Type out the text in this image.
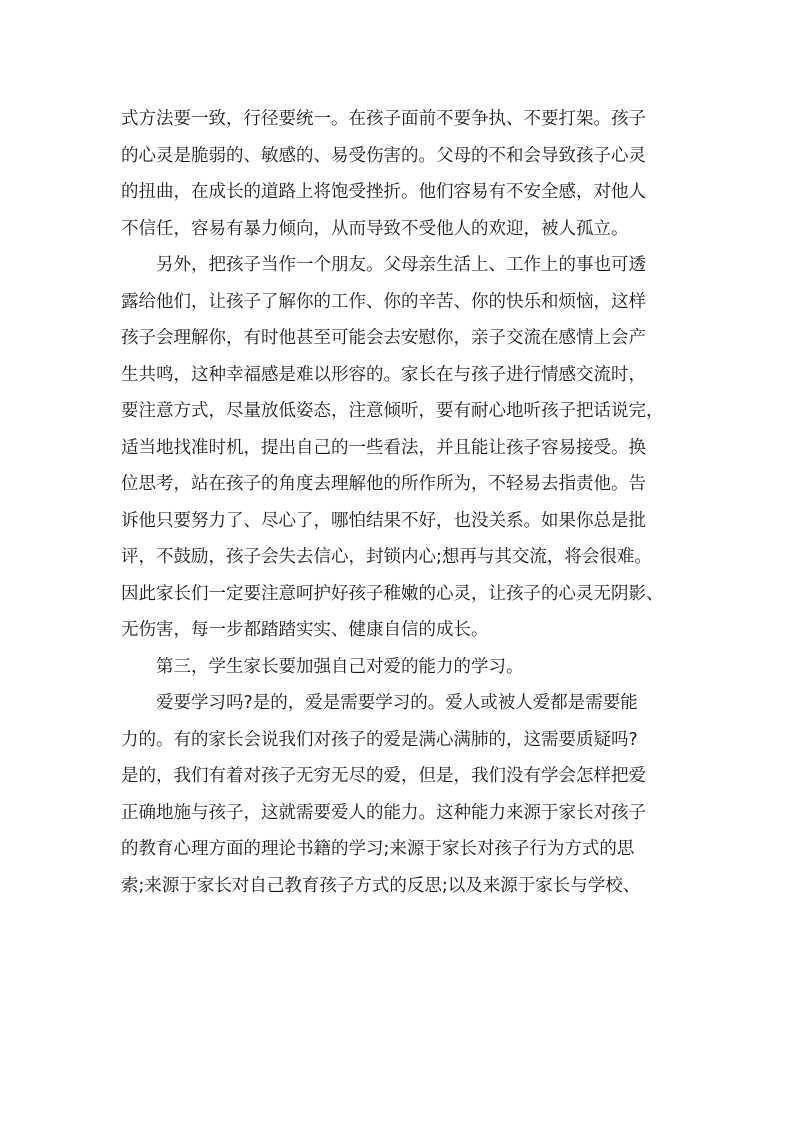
式方法要一致，行径要统一。在孩子面前不要争执、不要打架。孩子
的心灵是脆弱的、敏感的、易受伤害的。父母的不和会导致孩子心灵
的扭曲，在成长的道路上将饱受挫折。他们容易有不安全感，对他人
不信任，容易有暴力倾向，从而导致不受他人的欢迎，被人孤立。
另外，把孩子当作一个朋友。父母亲生活上、工作上的事也可透
露给他们，让孩子了解你的工作、你的辛苦、你的快乐和烦恼，这样
孩子会理解你，有时他甚至可能会去安慰你，亲子交流在感情上会产
生共鸣，这种幸福感是难以形容的。家长在与孩子进行情感交流时，
要注意方式，尽量放低姿态，注意倾听，要有耐心地听孩子把话说完，
适当地找准时机，提出自己的一些看法，并且能让孩子容易接受。换
位思考，站在孩子的角度去理解他的所作所为，不轻易去指责他。告
诉他只要努力了、尽心了，哪怕结果不好，也没关系。如果你总是批
评，不鼓励，孩子会失去信心，封锁内心;想再与其交流，将会很难。
因此家长们一定要注意呵护好孩子稚嫩的心灵，让孩子的心灵无阴影、
无伤害，每一步都踏踏实实、健康自信的成长。
第三，学生家长要加强自己对爱的能力的学习。
爱要学习吗?是的，爱是需要学习的。爱人或被人爱都是需要能
力的。有的家长会说我们对孩子的爱是满心满肺的，这需要质疑吗?
是的，我们有着对孩子无穷无尽的爱，但是，我们没有学会怎样把爱
正确地施与孩子，这就需要爱人的能力。这种能力来源于家长对孩子
的教育心理方面的理论书籍的学习;来源于家长对孩子行为方式的思
索;来源于家长对自己教育孩子方式的反思;以及来源于家长与学校、
